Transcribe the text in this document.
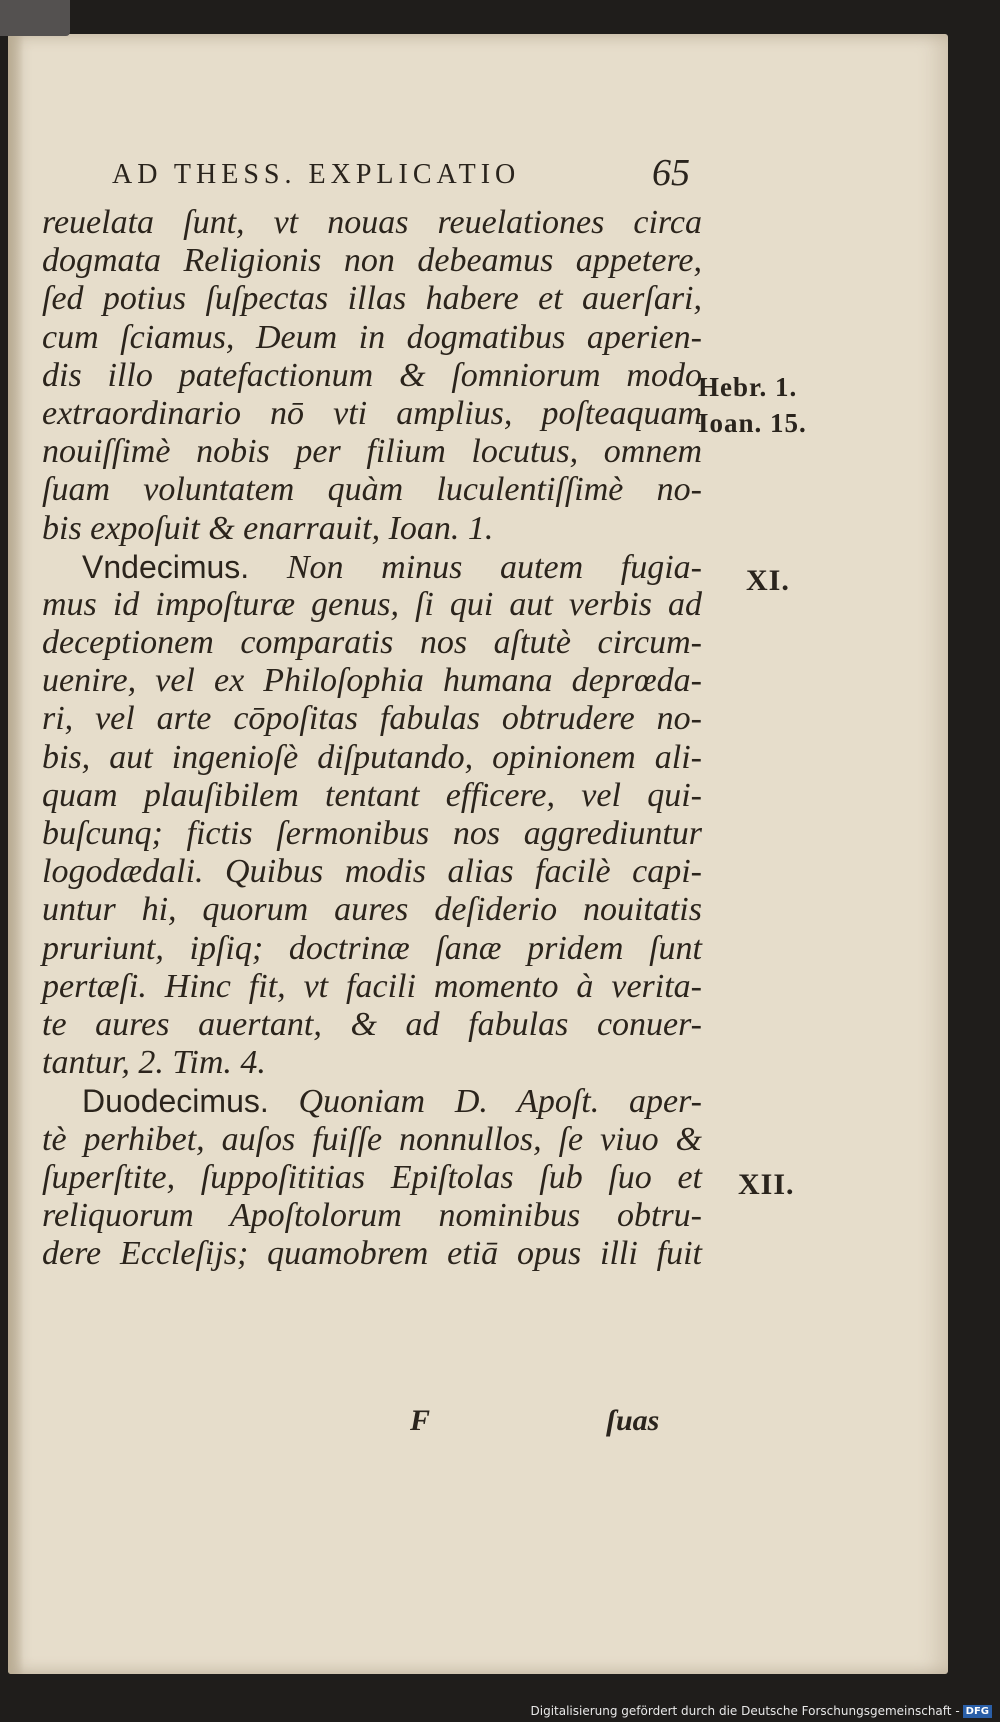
AD THESS. EXPLICATIO	65
reuelata ſunt, vt nouas reuelationes circa
dogmata Religionis non debeamus appetere,
ſed potius ſuſpectas illas habere et auerſari,
cum ſciamus, Deum in dogmatibus aperien-
dis illo patefactionum & ſomniorum modo
extraordinario nō vti amplius, poſteaquam
nouiſſimè nobis per filium locutus, omnem
ſuam voluntatem quàm luculentiſſimè no-
bis expoſuit & enarrauit, Ioan. 1.
Vndecimus. Non minus autem fugia-
mus id impoſturæ genus, ſi qui aut verbis ad
deceptionem comparatis nos aſtutè circum-
uenire, vel ex Philoſophia humana deprœda-
ri, vel arte cōpoſitas fabulas obtrudere no-
bis, aut ingenioſè diſputando, opinionem ali-
quam plauſibilem tentant efficere, vel qui-
buſcunq; fictis ſermonibus nos aggrediuntur
logodædali. Quibus modis alias facilè capi-
untur hi, quorum aures deſiderio nouitatis
pruriunt, ipſiq; doctrinæ ſanæ pridem ſunt
pertæſi. Hinc fit, vt facili momento à verita-
te aures auertant, & ad fabulas conuer-
tantur, 2. Tim. 4.
Duodecimus. Quoniam D. Apoſt. aper-
tè perhibet, auſos fuiſſe nonnullos, ſe viuo &
ſuperſtite, ſuppoſititias Epiſtolas ſub ſuo et
reliquorum Apoſtolorum nominibus obtru-
dere Eccleſijs; quamobrem etiā opus illi fuit
Hebr. 1.
Ioan. 15.
XI.
XII.
F	ſuas
Digitalisierung gefördert durch die Deutsche Forschungsgemeinschaft - DFG
